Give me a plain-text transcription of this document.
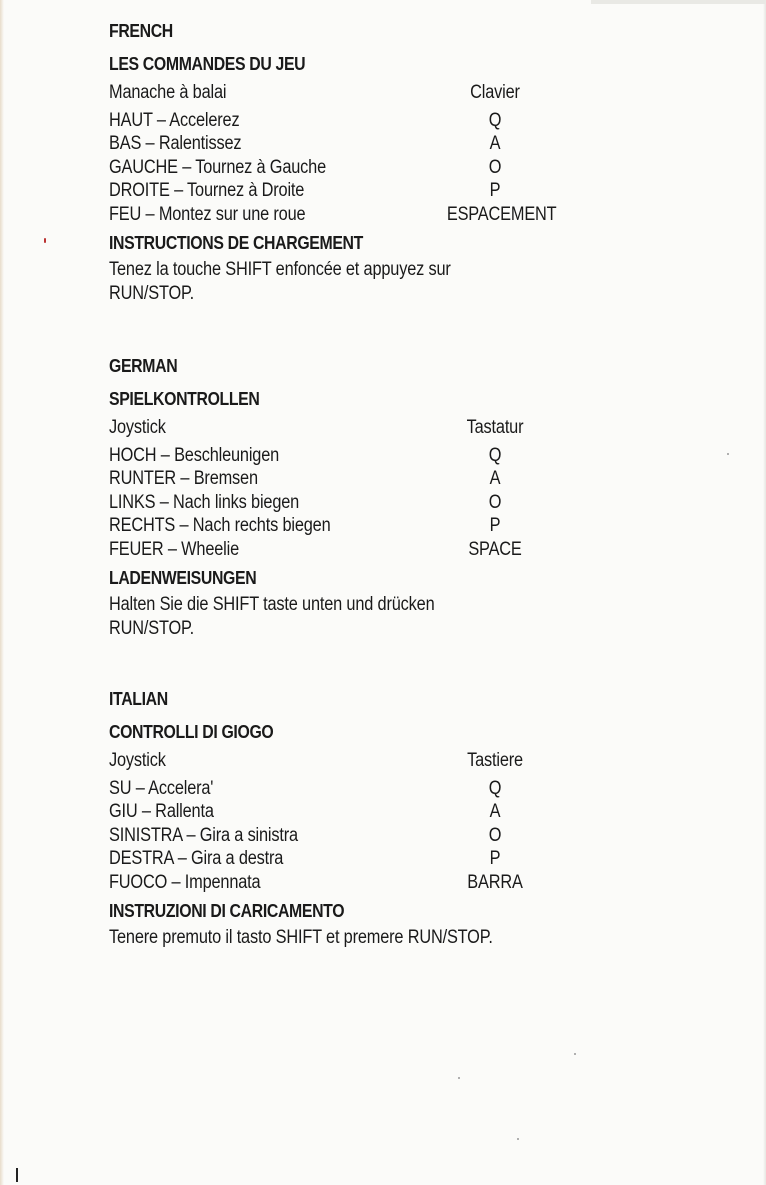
FRENCH
LES COMMANDES DU JEU
Manache à balai	Clavier
HAUT – Accelerez	Q
BAS – Ralentissez	A
GAUCHE – Tournez à Gauche	O
DROITE – Tournez à Droite	P
FEU – Montez sur une roue	ESPACEMENT
INSTRUCTIONS DE CHARGEMENT
Tenez la touche SHIFT enfoncée et appuyez sur
RUN/STOP.
GERMAN
SPIELKONTROLLEN
Joystick	Tastatur
HOCH – Beschleunigen	Q
RUNTER – Bremsen	A
LINKS – Nach links biegen	O
RECHTS – Nach rechts biegen	P
FEUER – Wheelie	SPACE
LADENWEISUNGEN
Halten Sie die SHIFT taste unten und drücken
RUN/STOP.
ITALIAN
CONTROLLI DI GIOGO
Joystick	Tastiere
SU – Accelera'	Q
GIU – Rallenta	A
SINISTRA – Gira a sinistra	O
DESTRA – Gira a destra	P
FUOCO – Impennata	BARRA
INSTRUZIONI DI CARICAMENTO
Tenere premuto il tasto SHIFT et premere RUN/STOP.
